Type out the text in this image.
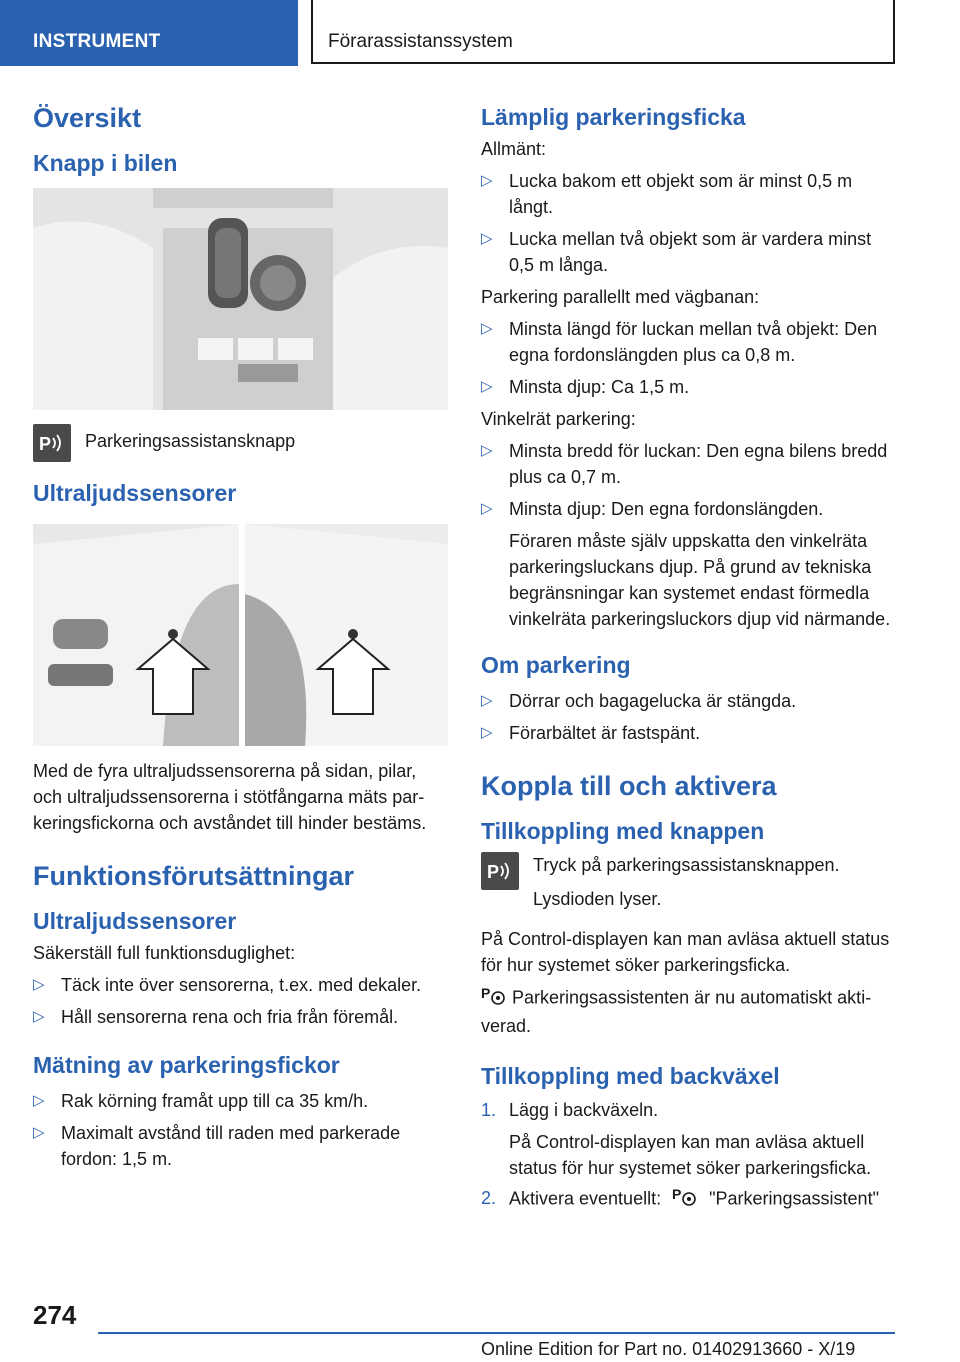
INSTRUMENT	Förarassistanssystem
Översikt
Knapp i bilen
P Parkeringsassistansknapp

Ultraljudssensorer

Med de fyra ultraljudssensorerna på sidan, pilar, och ultraljudssensorerna i stötfångarna mäts parkeringsfickorna och avståndet till hinder bestäms.

Funktionsförutsättningar
Ultraljudssensorer

Säkerställ full funktionsduglighet:

▷ Täck inte över sensorerna, t.ex. med dekaler.
▷ Håll sensorerna rena och fria från föremål.
Mätning av parkeringsfickor
▷ Rak körning framåt upp till ca 35 km/h.
▷ Maximalt avstånd till raden med parkerade fordon: 1,5 m.
Lämplig parkeringsficka

Allmänt:

▷ Lucka bakom ett objekt som är minst 0,5 m långt.
▷ Lucka mellan två objekt som är vardera minst 0,5 m långa.

Parkering parallellt med vägbanan:

▷ Minsta längd för luckan mellan två objekt: Den egna fordonslängden plus ca 0,8 m.
▷ Minsta djup: Ca 1,5 m.

Vinkelrät parkering:

▷ Minsta bredd för luckan: Den egna bilens bredd plus ca 0,7 m.
▷ Minsta djup: Den egna fordonslängden.
Föraren måste själv uppskatta den vinkelräta parkeringsluckans djup. På grund av tekniska begränsningar kan systemet endast förmedla vinkelräta parkeringsluckors djup vid närmande.
Om parkering
▷ Dörrar och bagagelucka är stängda.
▷ Förarbältet är fastspänt.
Koppla till och aktivera
Tillkoppling med knappen
P Tryck på parkeringsassistansknappen.

Lysdioden lyser.

På Control-displayen kan man avläsa aktuell status för hur systemet söker parkeringsficka.

P Parkeringsassistenten är nu automatiskt aktiverad.

Tillkoppling med backväxel
1. Lägg i backväxeln.
På Control-displayen kan man avläsa aktuell status för hur systemet söker parkeringsficka.
2. Aktivera eventuellt: P "Parkeringsassistent"
274
Online Edition for Part no. 01402913660 - X/19
